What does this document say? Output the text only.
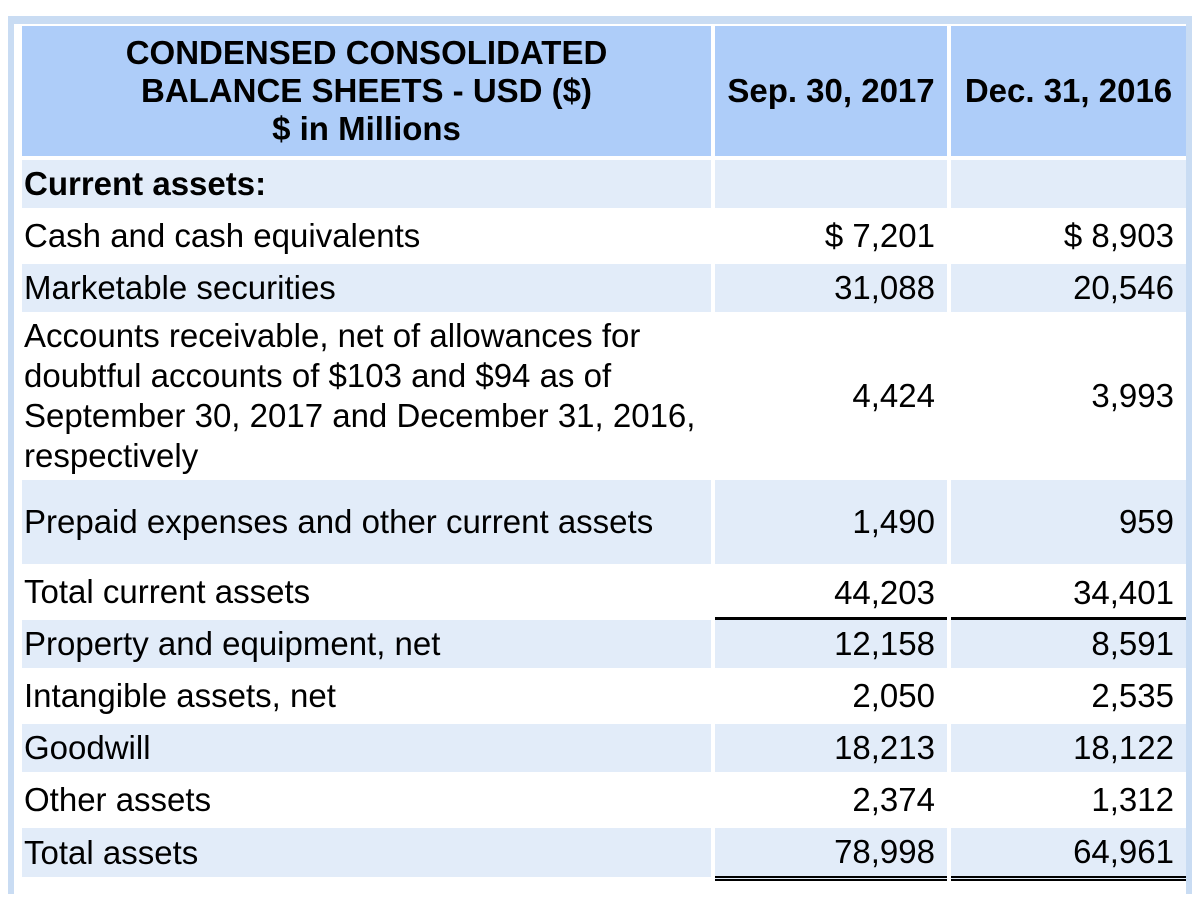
CONDENSED CONSOLIDATED
BALANCE SHEETS - USD ($)
$ in Millions	Sep. 30, 2017	Dec. 31, 2016
Current assets:		
Cash and cash equivalents	$ 7,201	$ 8,903
Marketable securities	31,088	20,546
Accounts receivable, net of allowances for doubtful accounts of $103 and $94 as of September 30, 2017 and December 31, 2016, respectively	4,424	3,993
Prepaid expenses and other current assets	1,490	959
Total current assets	44,203	34,401
Property and equipment, net	12,158	8,591
Intangible assets, net	2,050	2,535
Goodwill	18,213	18,122
Other assets	2,374	1,312
Total assets	78,998	64,961
